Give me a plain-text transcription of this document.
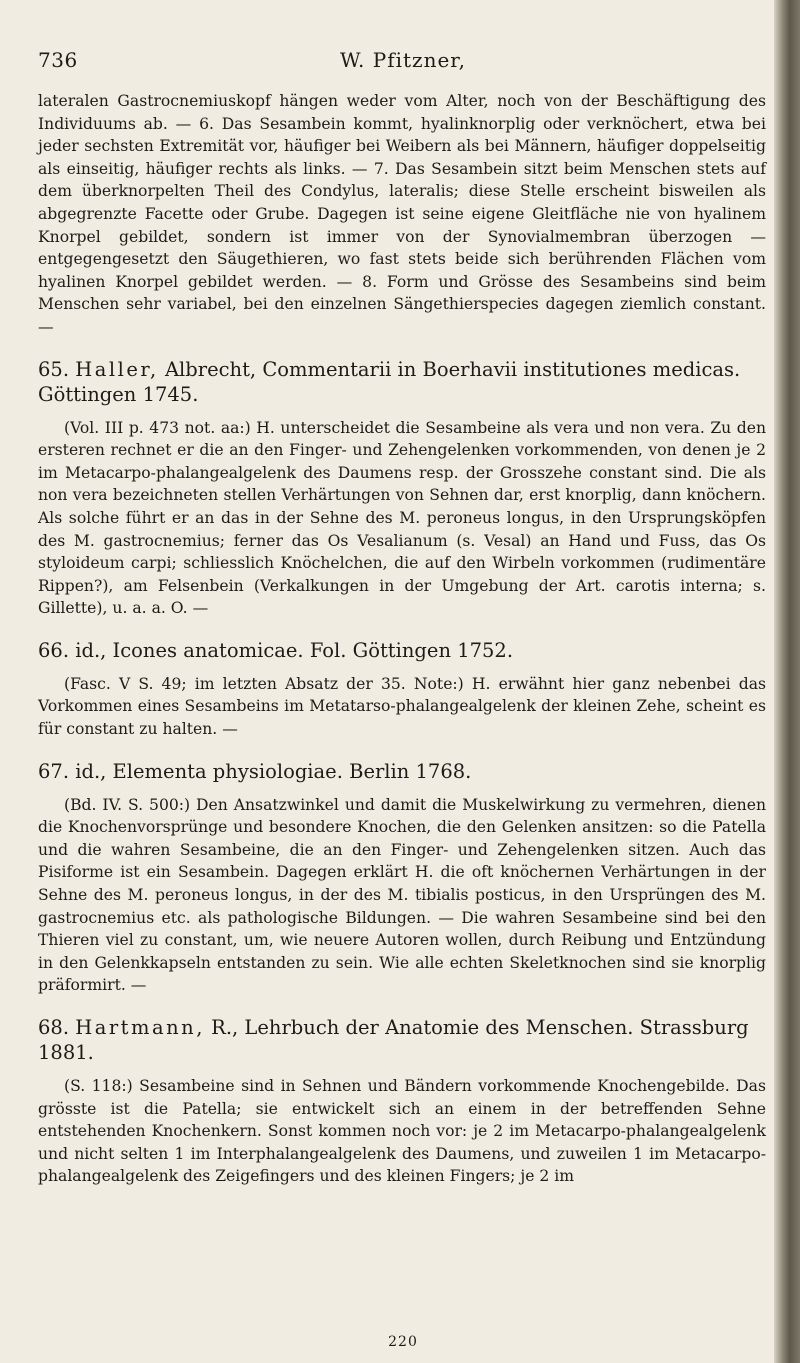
736	W. Pfitzner,

lateralen Gastrocnemiuskopf hängen weder vom Alter, noch von der Beschäftigung des Individuums ab. — 6. Das Sesambein kommt, hyalinknorplig oder verknöchert, etwa bei jeder sechsten Extremität vor, häufiger bei Weibern als bei Männern, häufiger doppelseitig als einseitig, häufiger rechts als links. — 7. Das Sesambein sitzt beim Menschen stets auf dem überknorpelten Theil des Condylus, lateralis; diese Stelle erscheint bisweilen als abgegrenzte Facette oder Grube. Dagegen ist seine eigene Gleitfläche nie von hyalinem Knorpel gebildet, sondern ist immer von der Synovialmembran überzogen — entgegengesetzt den Säugethieren, wo fast stets beide sich berührenden Flächen vom hyalinen Knorpel gebildet werden. — 8. Form und Grösse des Sesambeins sind beim Menschen sehr variabel, bei den einzelnen Sängethierspecies dagegen ziemlich constant. —

65. Haller, Albrecht, Commentarii in Boerhavii institutiones medicas. Göttingen 1745.

(Vol. III p. 473 not. aa:) H. unterscheidet die Sesambeine als vera und non vera. Zu den ersteren rechnet er die an den Finger- und Zehengelenken vorkommenden, von denen je 2 im Metacarpo-phalangealgelenk des Daumens resp. der Grosszehe constant sind. Die als non vera bezeichneten stellen Verhärtungen von Sehnen dar, erst knorplig, dann knöchern. Als solche führt er an das in der Sehne des M. peroneus longus, in den Ursprungsköpfen des M. gastrocnemius; ferner das Os Vesalianum (s. Vesal) an Hand und Fuss, das Os styloideum carpi; schliesslich Knöchelchen, die auf den Wirbeln vorkommen (rudimentäre Rippen?), am Felsenbein (Verkalkungen in der Umgebung der Art. carotis interna; s. Gillette), u. a. a. O. —

66. id., Icones anatomicae. Fol. Göttingen 1752.

(Fasc. V S. 49; im letzten Absatz der 35. Note:) H. erwähnt hier ganz nebenbei das Vorkommen eines Sesambeins im Metatarso-phalangealgelenk der kleinen Zehe, scheint es für constant zu halten. —

67. id., Elementa physiologiae. Berlin 1768.

(Bd. IV. S. 500:) Den Ansatzwinkel und damit die Muskelwirkung zu vermehren, dienen die Knochenvorsprünge und besondere Knochen, die den Gelenken ansitzen: so die Patella und die wahren Sesambeine, die an den Finger- und Zehengelenken sitzen. Auch das Pisiforme ist ein Sesambein. Dagegen erklärt H. die oft knöchernen Verhärtungen in der Sehne des M. peroneus longus, in der des M. tibialis posticus, in den Ursprüngen des M. gastrocnemius etc. als pathologische Bildungen. — Die wahren Sesambeine sind bei den Thieren viel zu constant, um, wie neuere Autoren wollen, durch Reibung und Entzündung in den Gelenkkapseln entstanden zu sein. Wie alle echten Skeletknochen sind sie knorplig präformirt. —

68. Hartmann, R., Lehrbuch der Anatomie des Menschen. Strassburg 1881.

(S. 118:) Sesambeine sind in Sehnen und Bändern vorkommende Knochengebilde. Das grösste ist die Patella; sie entwickelt sich an einem in der betreffenden Sehne entstehenden Knochenkern. Sonst kommen noch vor: je 2 im Metacarpo-phalangealgelenk und nicht selten 1 im Interphalangealgelenk des Daumens, und zuweilen 1 im Metacarpo-phalangealgelenk des Zeigefingers und des kleinen Fingers; je 2 im

220
